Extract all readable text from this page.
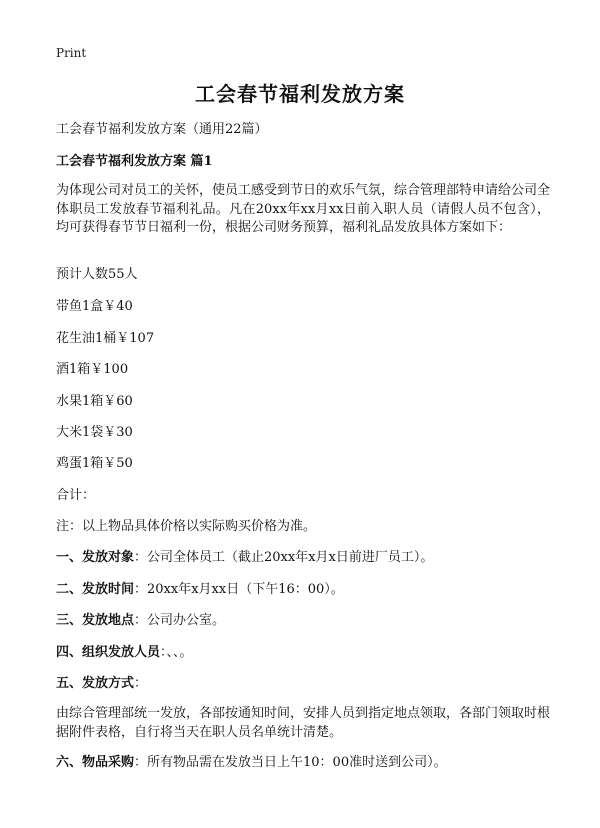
Print
工会春节福利发放方案
工会春节福利发放方案（通用22篇）
工会春节福利发放方案 篇1
为体现公司对员工的关怀，使员工感受到节日的欢乐气氛，综合管理部特申请给公司全体职员工发放春节福利礼品。凡在20xx年xx月xx日前入职人员（请假人员不包含），均可获得春节节日福利一份，根据公司财务预算，福利礼品发放具体方案如下：
预计人数55人
带鱼1盒￥40
花生油1桶￥107
酒1箱￥100
水果1箱￥60
大米1袋￥30
鸡蛋1箱￥50
合计：
注：以上物品具体价格以实际购买价格为准。
一、发放对象：公司全体员工（截止20xx年x月x日前进厂员工）。
二、发放时间：20xx年x月xx日（下午16：00）。
三、发放地点：公司办公室。
四、组织发放人员：、、。
五、发放方式：
由综合管理部统一发放，各部按通知时间，安排人员到指定地点领取，各部门领取时根据附件表格，自行将当天在职人员名单统计清楚。
六、物品采购：所有物品需在发放当日上午10：00准时送到公司）。
